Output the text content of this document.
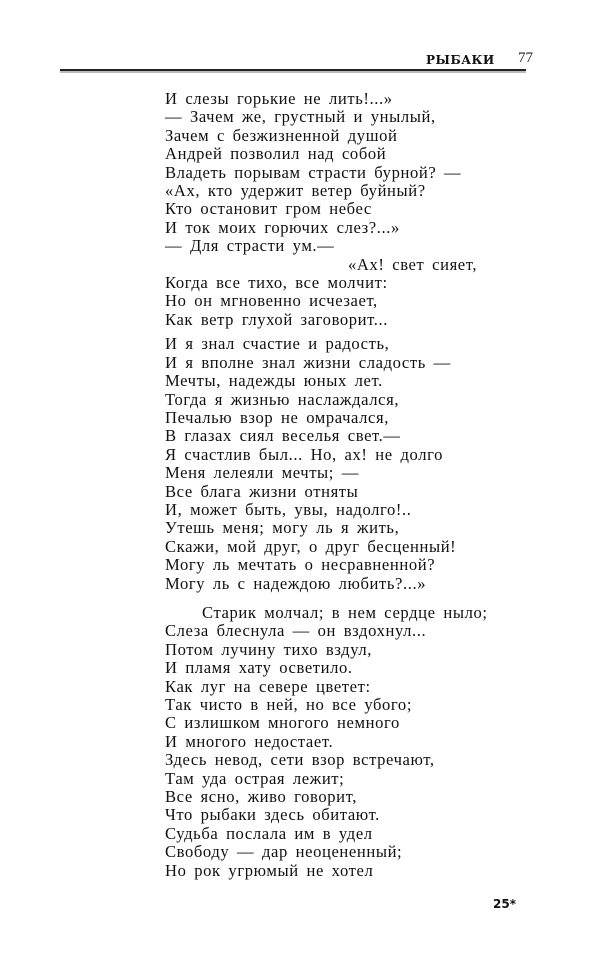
РЫБАКИ 77
И слезы горькие не лить!...»
— Зачем же, грустный и унылый,
Зачем с безжизненной душой
Андрей позволил над собой
Владеть порывам страсти бурной? —
«Ах, кто удержит ветер буйный?
Кто остановит гром небес
И ток моих горючих слез?...»
— Для страсти ум.—
«Ах! свет сияет,
Когда все тихо, все молчит:
Но он мгновенно исчезает,
Как ветр глухой заговорит...
И я знал счастие и радость,
И я вполне знал жизни сладость —
Мечты, надежды юных лет.
Тогда я жизнью наслаждался,
Печалью взор не омрачался,
В глазах сиял веселья свет.—
Я счастлив был... Но, ах! не долго
Меня лелеяли мечты; —
Все блага жизни отняты
И, может быть, увы, надолго!..
Утешь меня; могу ль я жить,
Скажи, мой друг, о друг бесценный!
Могу ль мечтать о несравненной?
Могу ль с надеждою любить?...»
Старик молчал; в нем сердце ныло;
Слеза блеснула — он вздохнул...
Потом лучину тихо вздул,
И пламя хату осветило.
Как луг на севере цветет:
Так чисто в ней, но все убого;
С излишком многого немного
И многого недостает.
Здесь невод, сети взор встречают,
Там уда острая лежит;
Все ясно, живо говорит,
Что рыбаки здесь обитают.
Судьба послала им в удел
Свободу — дар неоцененный;
Но рок угрюмый не хотел
25*
